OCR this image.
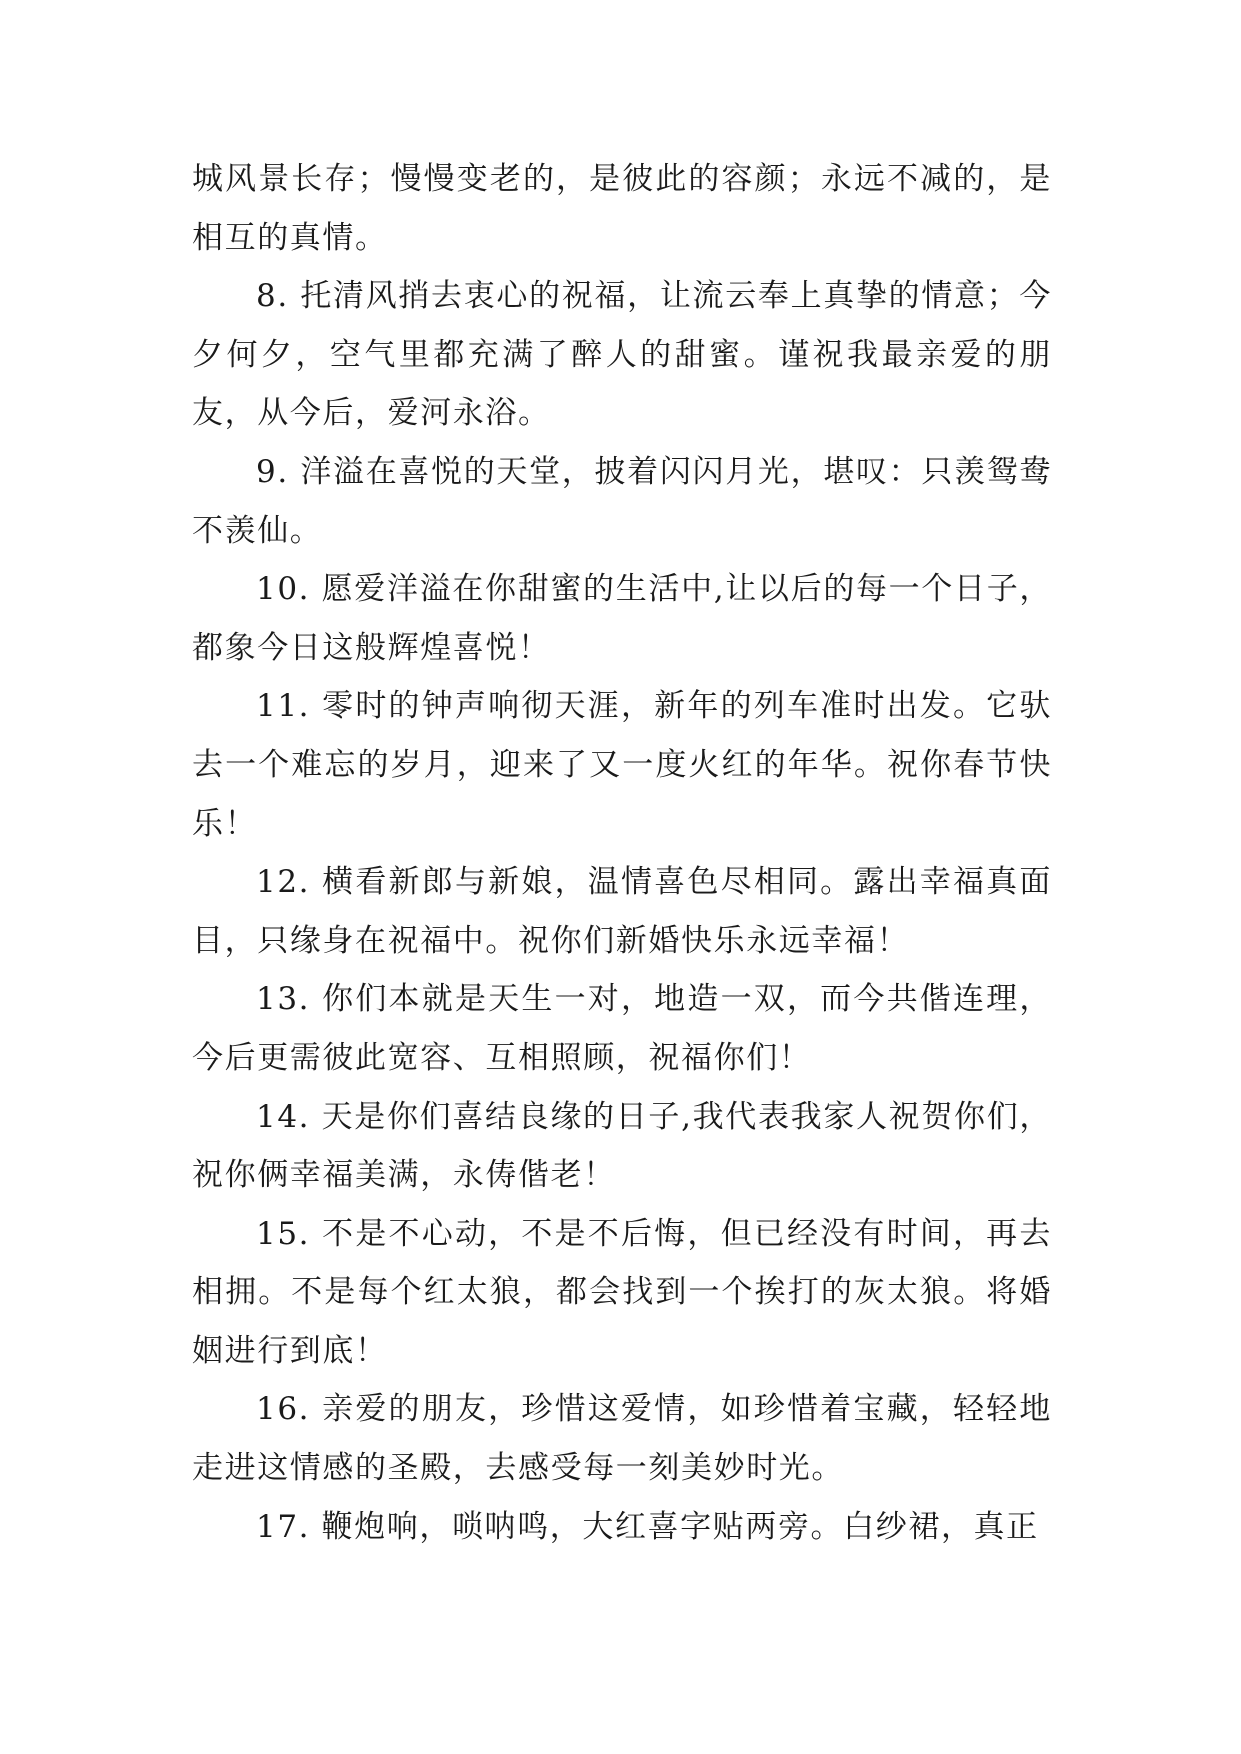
城风景长存；慢慢变老的，是彼此的容颜；永远不减的，是相互的真情。

8. 托清风捎去衷心的祝福，让流云奉上真挚的情意；今夕何夕，空气里都充满了醉人的甜蜜。谨祝我最亲爱的朋友，从今后，爱河永浴。

9. 洋溢在喜悦的天堂，披着闪闪月光，堪叹：只羡鸳鸯不羡仙。

10. 愿爱洋溢在你甜蜜的生活中,让以后的每一个日子，都象今日这般辉煌喜悦！

11. 零时的钟声响彻天涯，新年的列车准时出发。它驮去一个难忘的岁月，迎来了又一度火红的年华。祝你春节快乐！

12. 横看新郎与新娘，温情喜色尽相同。露出幸福真面目，只缘身在祝福中。祝你们新婚快乐永远幸福！

13. 你们本就是天生一对，地造一双，而今共偕连理，今后更需彼此宽容、互相照顾，祝福你们！

14. 天是你们喜结良缘的日子,我代表我家人祝贺你们，祝你俩幸福美满，永俦偕老！

15. 不是不心动，不是不后悔，但已经没有时间，再去相拥。不是每个红太狼，都会找到一个挨打的灰太狼。将婚姻进行到底！

16. 亲爱的朋友，珍惜这爱情，如珍惜着宝藏，轻轻地走进这情感的圣殿，去感受每一刻美妙时光。

17. 鞭炮响，唢呐鸣，大红喜字贴两旁。白纱裙，真正
